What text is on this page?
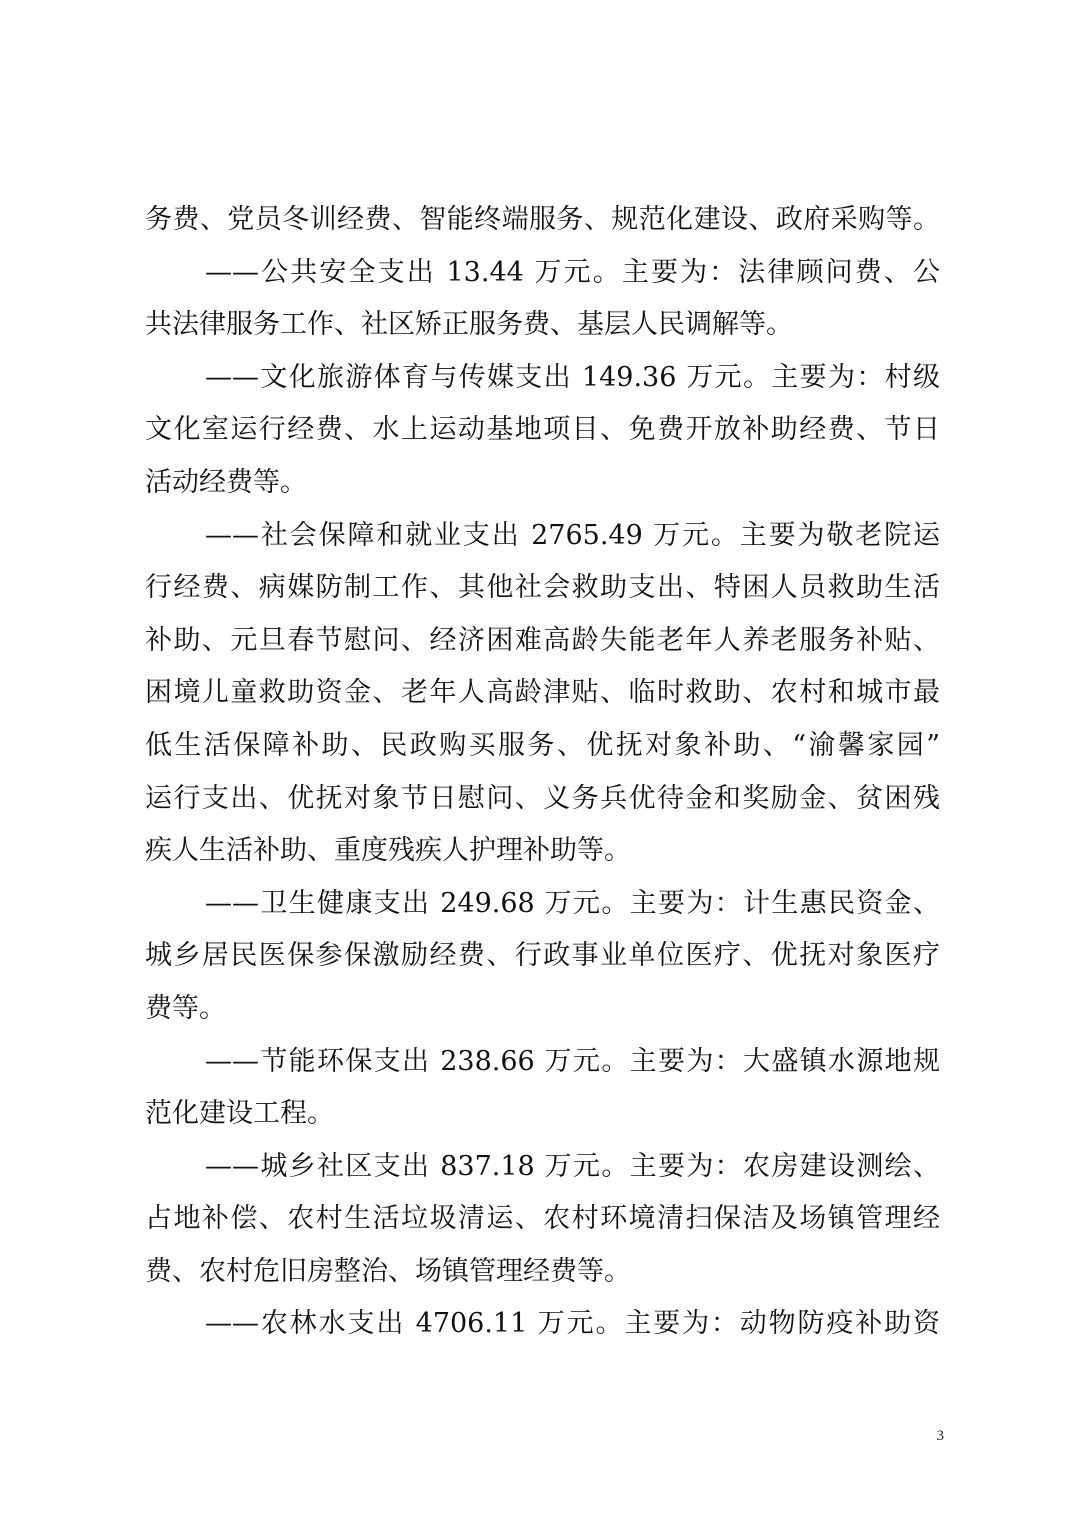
务费、党员冬训经费、智能终端服务、规范化建设、政府采购等。
——公共安全支出 13.44 万元。主要为：法律顾问费、公
共法律服务工作、社区矫正服务费、基层人民调解等。
——文化旅游体育与传媒支出 149.36 万元。主要为：村级
文化室运行经费、水上运动基地项目、免费开放补助经费、节日
活动经费等。
——社会保障和就业支出 2765.49 万元。主要为敬老院运
行经费、病媒防制工作、其他社会救助支出、特困人员救助生活
补助、元旦春节慰问、经济困难高龄失能老年人养老服务补贴、
困境儿童救助资金、老年人高龄津贴、临时救助、农村和城市最
低生活保障补助、民政购买服务、优抚对象补助、“渝馨家园”
运行支出、优抚对象节日慰问、义务兵优待金和奖励金、贫困残
疾人生活补助、重度残疾人护理补助等。
——卫生健康支出 249.68 万元。主要为：计生惠民资金、
城乡居民医保参保激励经费、行政事业单位医疗、优抚对象医疗
费等。
——节能环保支出 238.66 万元。主要为：大盛镇水源地规
范化建设工程。
——城乡社区支出 837.18 万元。主要为：农房建设测绘、
占地补偿、农村生活垃圾清运、农村环境清扫保洁及场镇管理经
费、农村危旧房整治、场镇管理经费等。
——农林水支出 4706.11 万元。主要为：动物防疫补助资
3
